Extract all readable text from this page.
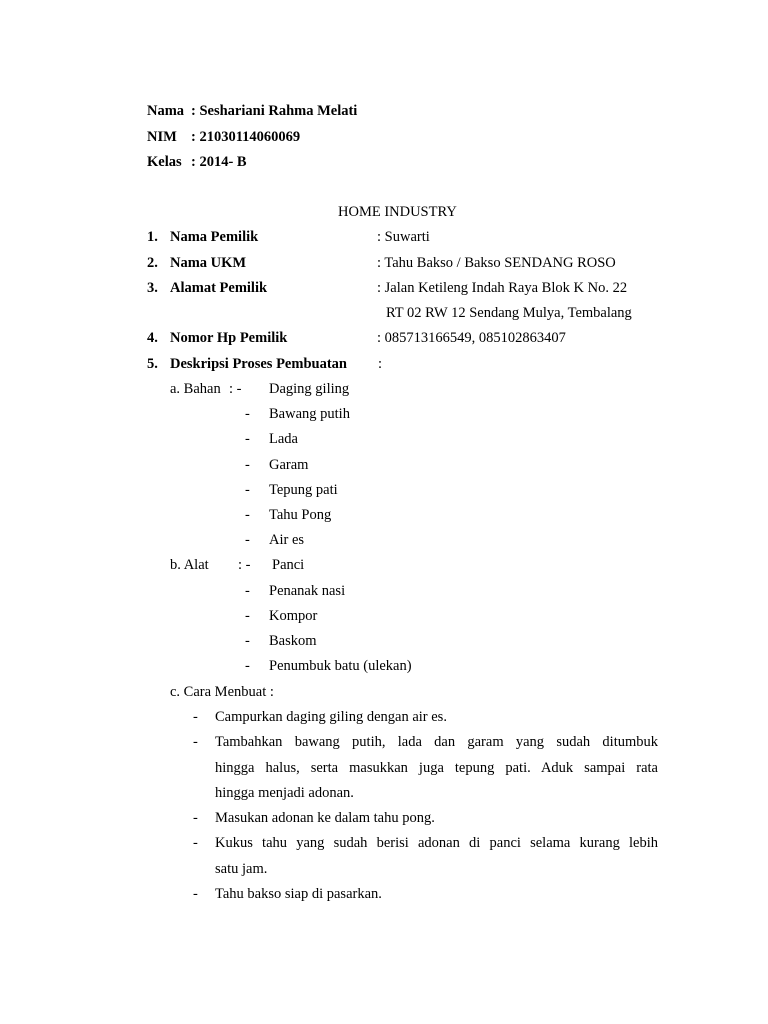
Nama : Seshariani Rahma Melati
NIM : 21030114060069
Kelas : 2014- B
HOME INDUSTRY
1. Nama Pemilik	: Suwarti
2. Nama UKM	: Tahu Bakso / Bakso SENDANG ROSO
3. Alamat Pemilik	: Jalan Ketileng Indah Raya Blok K No. 22
RT 02 RW 12 Sendang Mulya, Tembalang
4. Nomor Hp Pemilik	: 085713166549, 085102863407
5. Deskripsi Proses Pembuatan :
a. Bahan : - Daging giling
- Bawang putih
- Lada
- Garam
- Tepung pati
- Tahu Pong
- Air es
b. Alat : - Panci
- Penanak nasi
- Kompor
- Baskom
- Penumbuk batu (ulekan)
c. Cara Menbuat :
- Campurkan daging giling dengan air es.
- Tambahkan bawang putih, lada dan garam yang sudah ditumbuk
hingga halus, serta masukkan juga tepung pati. Aduk sampai rata
hingga menjadi adonan.
- Masukan adonan ke dalam tahu pong.
- Kukus tahu yang sudah berisi adonan di panci selama kurang lebih
satu jam.
- Tahu bakso siap di pasarkan.
